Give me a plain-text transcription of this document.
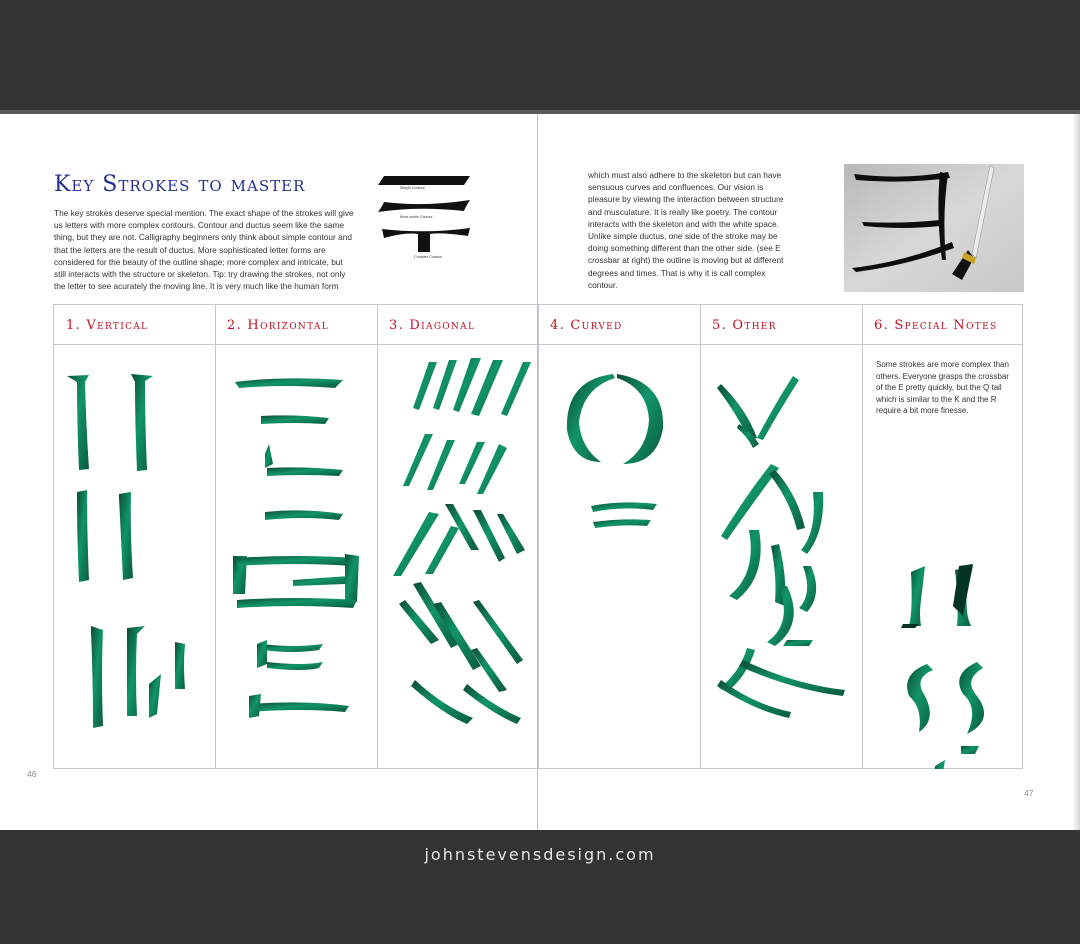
Key Strokes to master
The key strokes deserve special mention. The exact shape of the strokes will give us letters with more complex contours. Contour and ductus seem like the same thing, but they are not. Calligraphy beginners only think about simple contour and that the letters are the result of ductus. More sophisticated letter forms are considered for the beauty of the outline shape; more complex and intricate, but still interacts with the structure or skeleton. Tip: try drawing the strokes, not only the letter to see acurately the moving line. It is very much like the human form
which must also adhere to the skeleton but can have sensuous curves and confluences. Our vision is pleasure by viewing the interaction between structure and musculature. It is really like poetry. The contour interacts with the skeleton and with the white space. Unlike simple ductus, one side of the stroke may be doing something different than the other side. (see E crossbar at right) the outline is moving but at different degrees and times. That is why it is call complex contour.
Simple Contour
More subtle Contour
Complex Contour
1. Vertical	2. Horizontal	3. Diagonal	4. Curved	5. Other	6. Special Notes
Some strokes are more complex than others. Everyone grasps the crossbar of the E pretty quickly, but the Q tail which is similar to the K and the R require a bit more finesse.
46
47
johnstevensdesign.com
